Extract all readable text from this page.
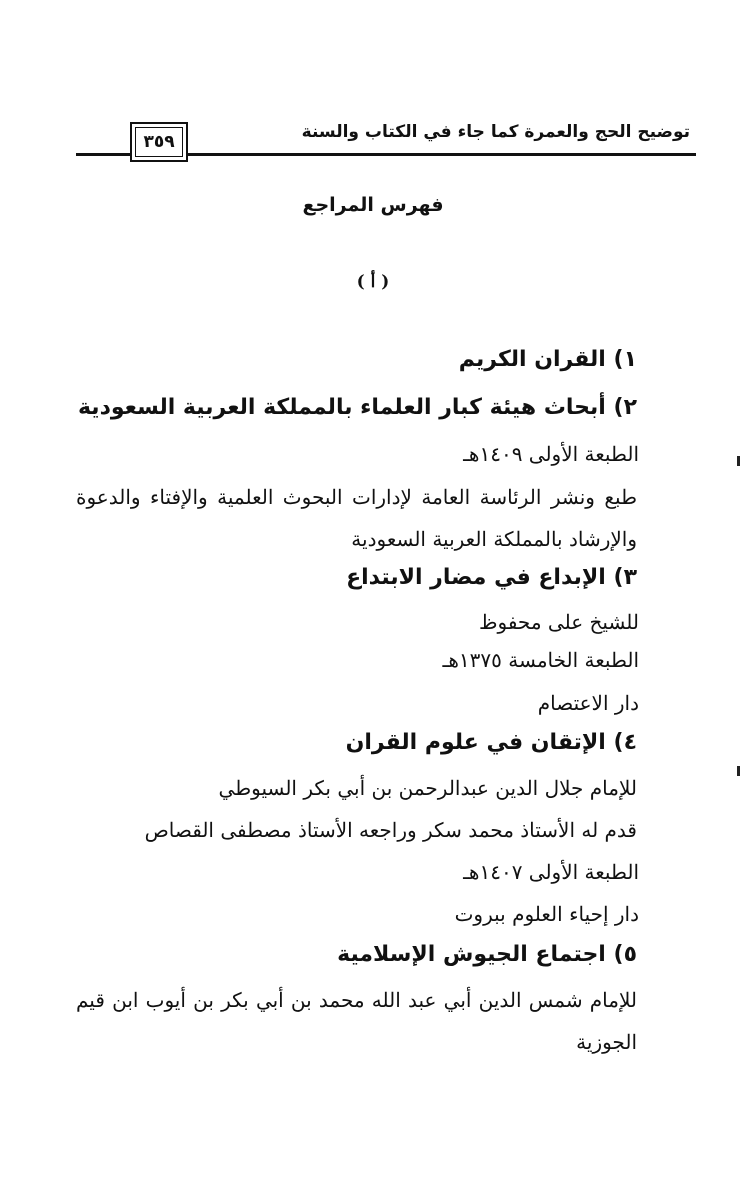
توضيح الحج والعمرة كما جاء في الكتاب والسنة
٣٥٩
فهرس المراجع
( أ )
١) القران الكريم
٢) أبحاث هيئة كبار العلماء بالمملكة العربية السعودية
الطبعة الأولى ١٤٠٩هـ
طبع ونشر الرئاسة العامة لإدارات البحوث العلمية والإفتاء والدعوة
والإرشاد بالمملكة العربية السعودية
٣) الإبداع في مضار الابتداع
للشيخ على محفوظ
الطبعة الخامسة ١٣٧٥هـ
دار الاعتصام
٤) الإتقان في علوم القران
للإمام جلال الدين عبدالرحمن بن أبي بكر السيوطي
قدم له الأستاذ محمد سكر وراجعه الأستاذ مصطفى القصاص
الطبعة الأولى ١٤٠٧هـ
دار إحياء العلوم ببروت
٥) اجتماع الجيوش الإسلامية
للإمام شمس الدين أبي عبد الله محمد بن أبي بكر بن أيوب ابن قيم
الجوزية
